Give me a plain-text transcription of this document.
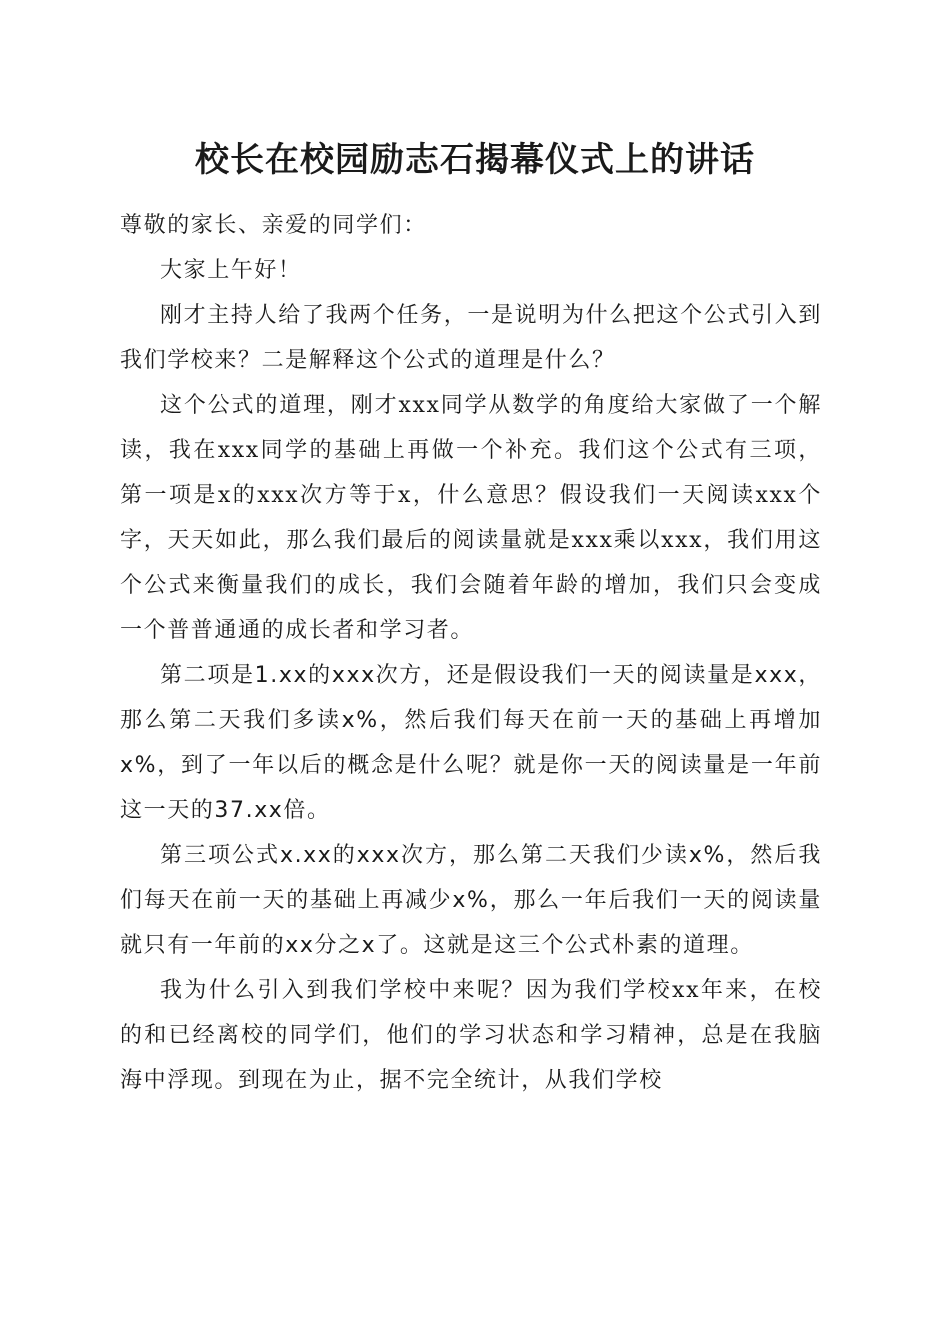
校长在校园励志石揭幕仪式上的讲话

尊敬的家长、亲爱的同学们：

大家上午好！

刚才主持人给了我两个任务，一是说明为什么把这个公式引入到我们学校来？二是解释这个公式的道理是什么？

这个公式的道理，刚才xxx同学从数学的角度给大家做了一个解读，我在xxx同学的基础上再做一个补充。我们这个公式有三项，第一项是x的xxx次方等于x，什么意思？假设我们一天阅读xxx个字，天天如此，那么我们最后的阅读量就是xxx乘以xxx，我们用这个公式来衡量我们的成长，我们会随着年龄的增加，我们只会变成一个普普通通的成长者和学习者。

第二项是1.xx的xxx次方，还是假设我们一天的阅读量是xxx，那么第二天我们多读x%，然后我们每天在前一天的基础上再增加x%，到了一年以后的概念是什么呢？就是你一天的阅读量是一年前这一天的37.xx倍。

第三项公式x.xx的xxx次方，那么第二天我们少读x%，然后我们每天在前一天的基础上再减少x%，那么一年后我们一天的阅读量就只有一年前的xx分之x了。这就是这三个公式朴素的道理。

我为什么引入到我们学校中来呢？因为我们学校xx年来，在校的和已经离校的同学们，他们的学习状态和学习精神，总是在我脑海中浮现。到现在为止，据不完全统计，从我们学校
